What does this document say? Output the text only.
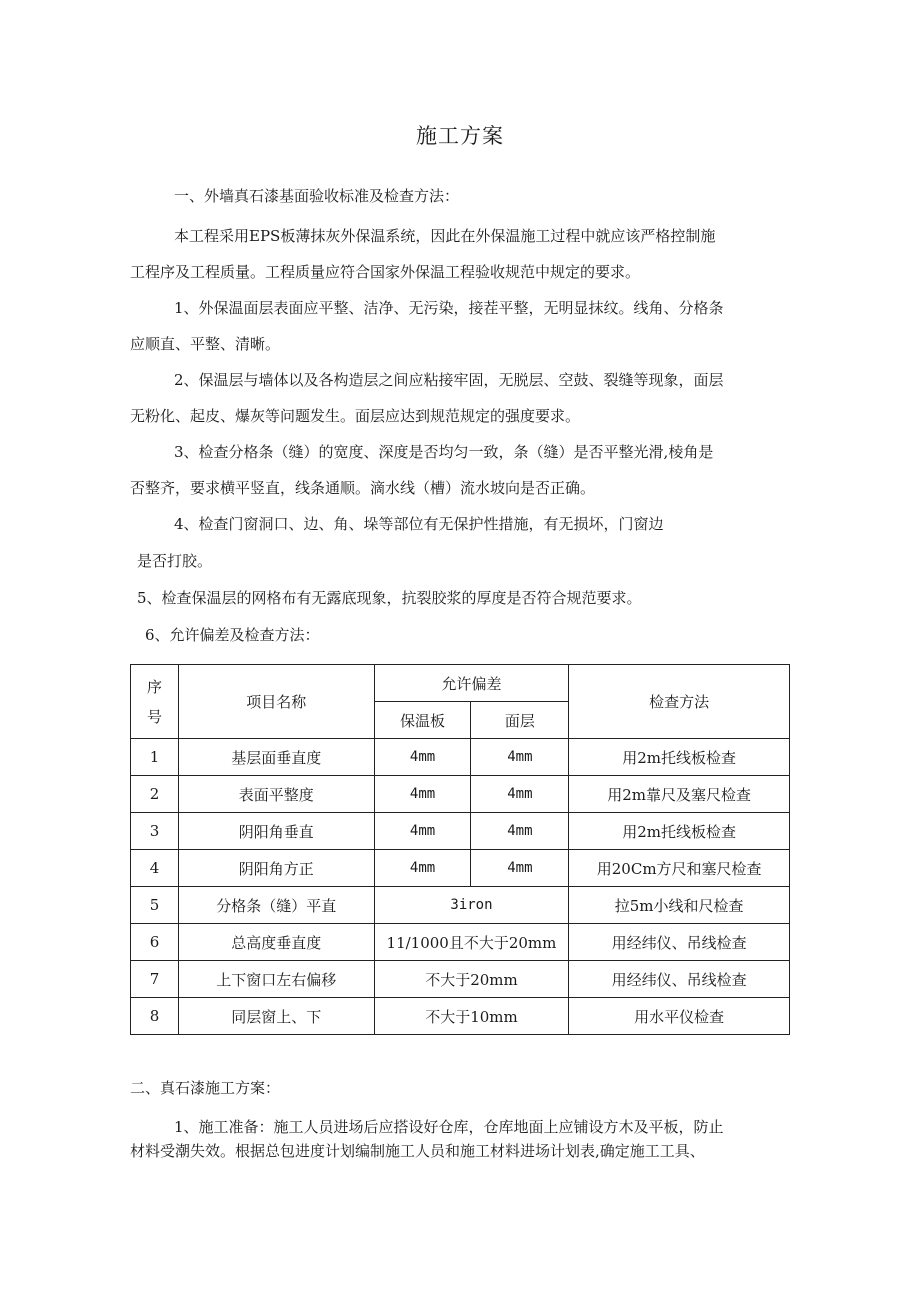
施工方案
一、外墙真石漆基面验收标准及检查方法：
本工程采用EPS板薄抹灰外保温系统，因此在外保温施工过程中就应该严格控制施
工程序及工程质量。工程质量应符合国家外保温工程验收规范中规定的要求。
1、外保温面层表面应平整、洁净、无污染，接茬平整，无明显抹纹。线角、分格条
应顺直、平整、清晰。
2、保温层与墙体以及各构造层之间应粘接牢固，无脱层、空鼓、裂缝等现象，面层
无粉化、起皮、爆灰等问题发生。面层应达到规范规定的强度要求。
3、检查分格条（缝）的宽度、深度是否均匀一致，条（缝）是否平整光滑,棱角是
否整齐，要求横平竖直，线条通顺。滴水线（槽）流水坡向是否正确。
4、检查门窗洞口、边、角、垛等部位有无保护性措施，有无损坏，门窗边
是否打胶。
5、检查保温层的网格布有无露底现象，抗裂胶浆的厚度是否符合规范要求。
6、允许偏差及检查方法：
序
号	项目名称	允许偏差		检查方法
		保温板	面层	
1	基层面垂直度	4mm	4mm	用2m托线板检查
2	表面平整度	4mm	4mm	用2m靠尺及塞尺检查
3	阴阳角垂直	4mm	4mm	用2m托线板检查
4	阴阳角方正	4mm	4mm	用20Cm方尺和塞尺检查
5	分格条（缝）平直	3iron		拉5m小线和尺检查
6	总高度垂直度	11/1000且不大于20mm		用经纬仪、吊线检查
7	上下窗口左右偏移	不大于20mm		用经纬仪、吊线检查
8	同层窗上、下	不大于10mm		用水平仪检查
二、真石漆施工方案：
1、施工准备：施工人员进场后应搭设好仓库，仓库地面上应铺设方木及平板，防止
材料受潮失效。根据总包进度计划编制施工人员和施工材料进场计划表,确定施工工具、
